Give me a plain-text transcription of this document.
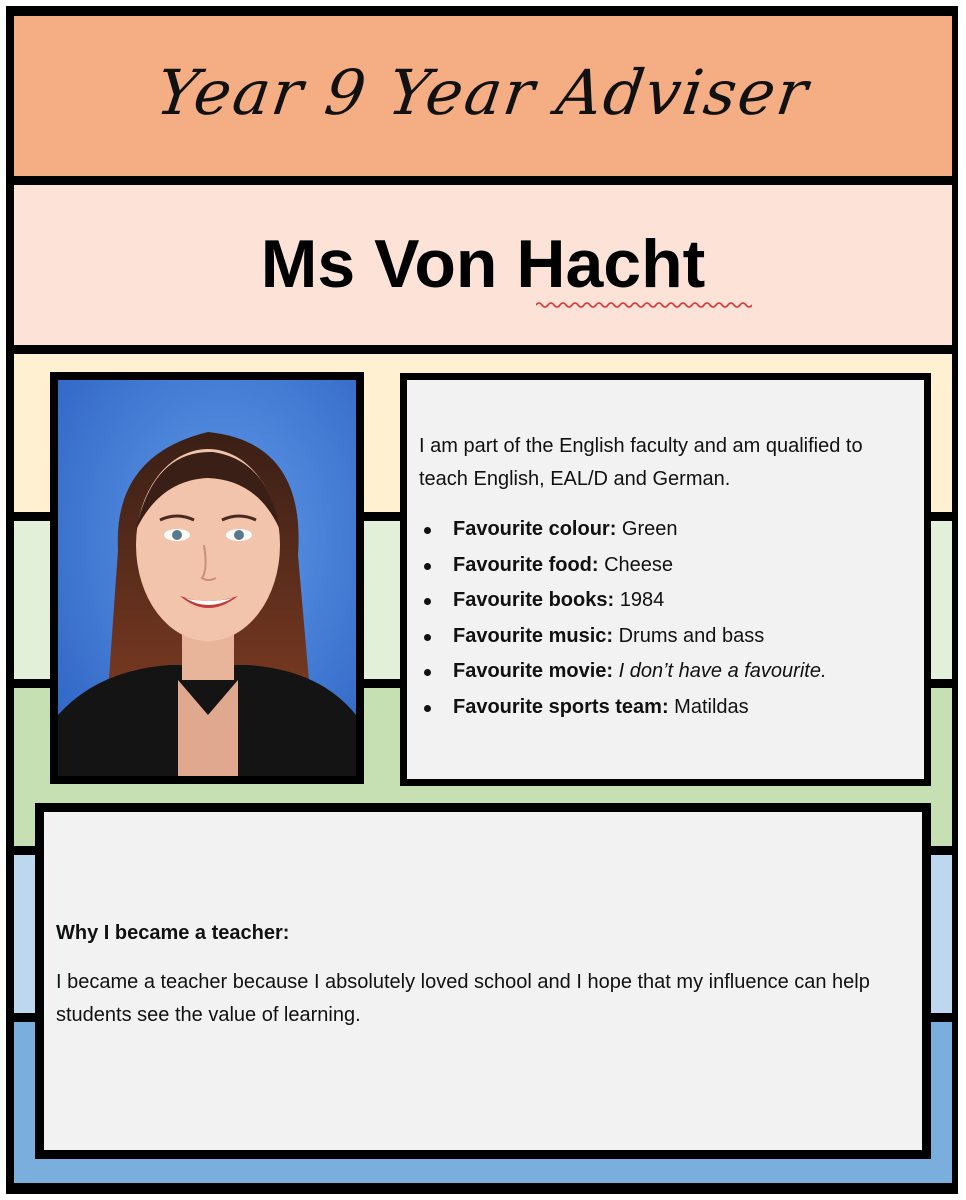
Year 9 Year Adviser
Ms Von Hacht

I am part of the English faculty and am qualified to teach English, EAL/D and German.

Favourite colour: Green
Favourite food: Cheese
Favourite books: 1984
Favourite music: Drums and bass
Favourite movie: I don’t have a favourite.
Favourite sports team: Matildas

Why I became a teacher:

I became a teacher because I absolutely loved school and I hope that my influence can help students see the value of learning.
